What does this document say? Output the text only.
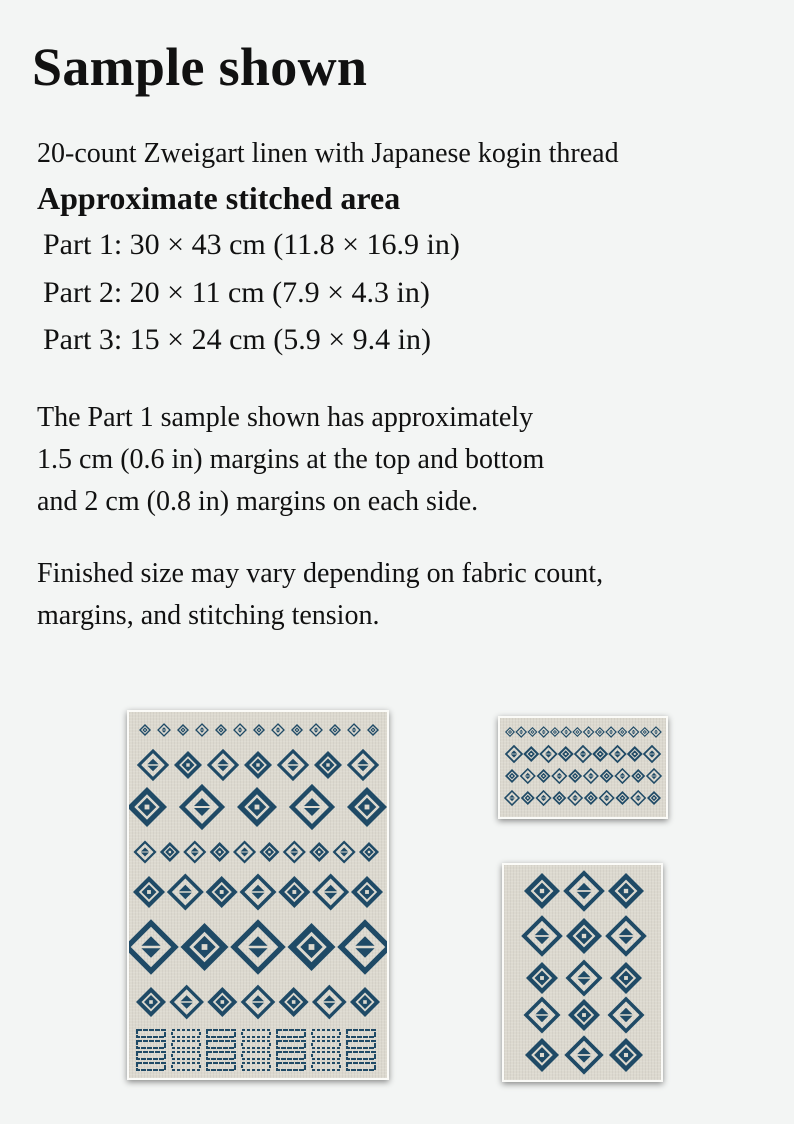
Sample shown

20-count Zweigart linen with Japanese kogin thread

Approximate stitched area

Part 1: 30 × 43 cm (11.8 × 16.9 in)

Part 2: 20 × 11 cm (7.9 × 4.3 in)

Part 3: 15 × 24 cm (5.9 × 9.4 in)

The Part 1 sample shown has approximately
1.5 cm (0.6 in) margins at the top and bottom
and 2 cm (0.8 in) margins on each side.
Finished size may vary depending on fabric count,
margins, and stitching tension.
